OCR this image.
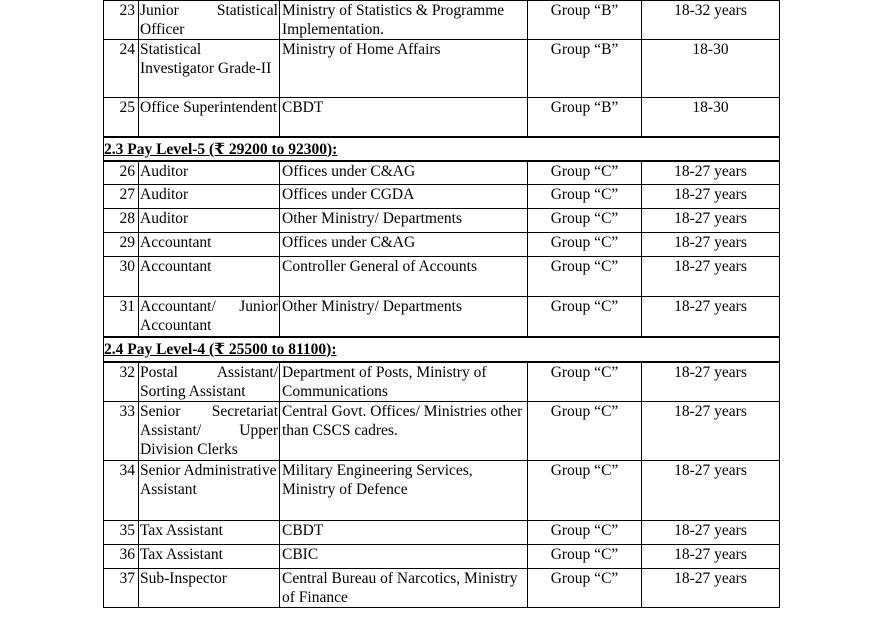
23	Junior Statistical Officer	Ministry of Statistics & Programme Implementation.	Group “B”	18-32 years
24	Statistical Investigator Grade-II	Ministry of Home Affairs	Group “B”	18-30
25	Office Superintendent	CBDT	Group “B”	18-30
2.3 Pay Level-5 (₹ 29200 to 92300):				
26	Auditor	Offices under C&AG	Group “C”	18-27 years
27	Auditor	Offices under CGDA	Group “C”	18-27 years
28	Auditor	Other Ministry/ Departments	Group “C”	18-27 years
29	Accountant	Offices under C&AG	Group “C”	18-27 years
30	Accountant	Controller General of Accounts	Group “C”	18-27 years
31	Accountant/ Junior Accountant	Other Ministry/ Departments	Group “C”	18-27 years
2.4 Pay Level-4 (₹ 25500 to 81100):				
32	Postal Assistant/ Sorting Assistant	Department of Posts, Ministry of Communications	Group “C”	18-27 years
33	Senior Secretariat Assistant/ Upper Division Clerks	Central Govt. Offices/ Ministries other than CSCS cadres.	Group “C”	18-27 years
34	Senior Administrative Assistant	Military Engineering Services, Ministry of Defence	Group “C”	18-27 years
35	Tax Assistant	CBDT	Group “C”	18-27 years
36	Tax Assistant	CBIC	Group “C”	18-27 years
37	Sub-Inspector	Central Bureau of Narcotics, Ministry of Finance	Group “C”	18-27 years
